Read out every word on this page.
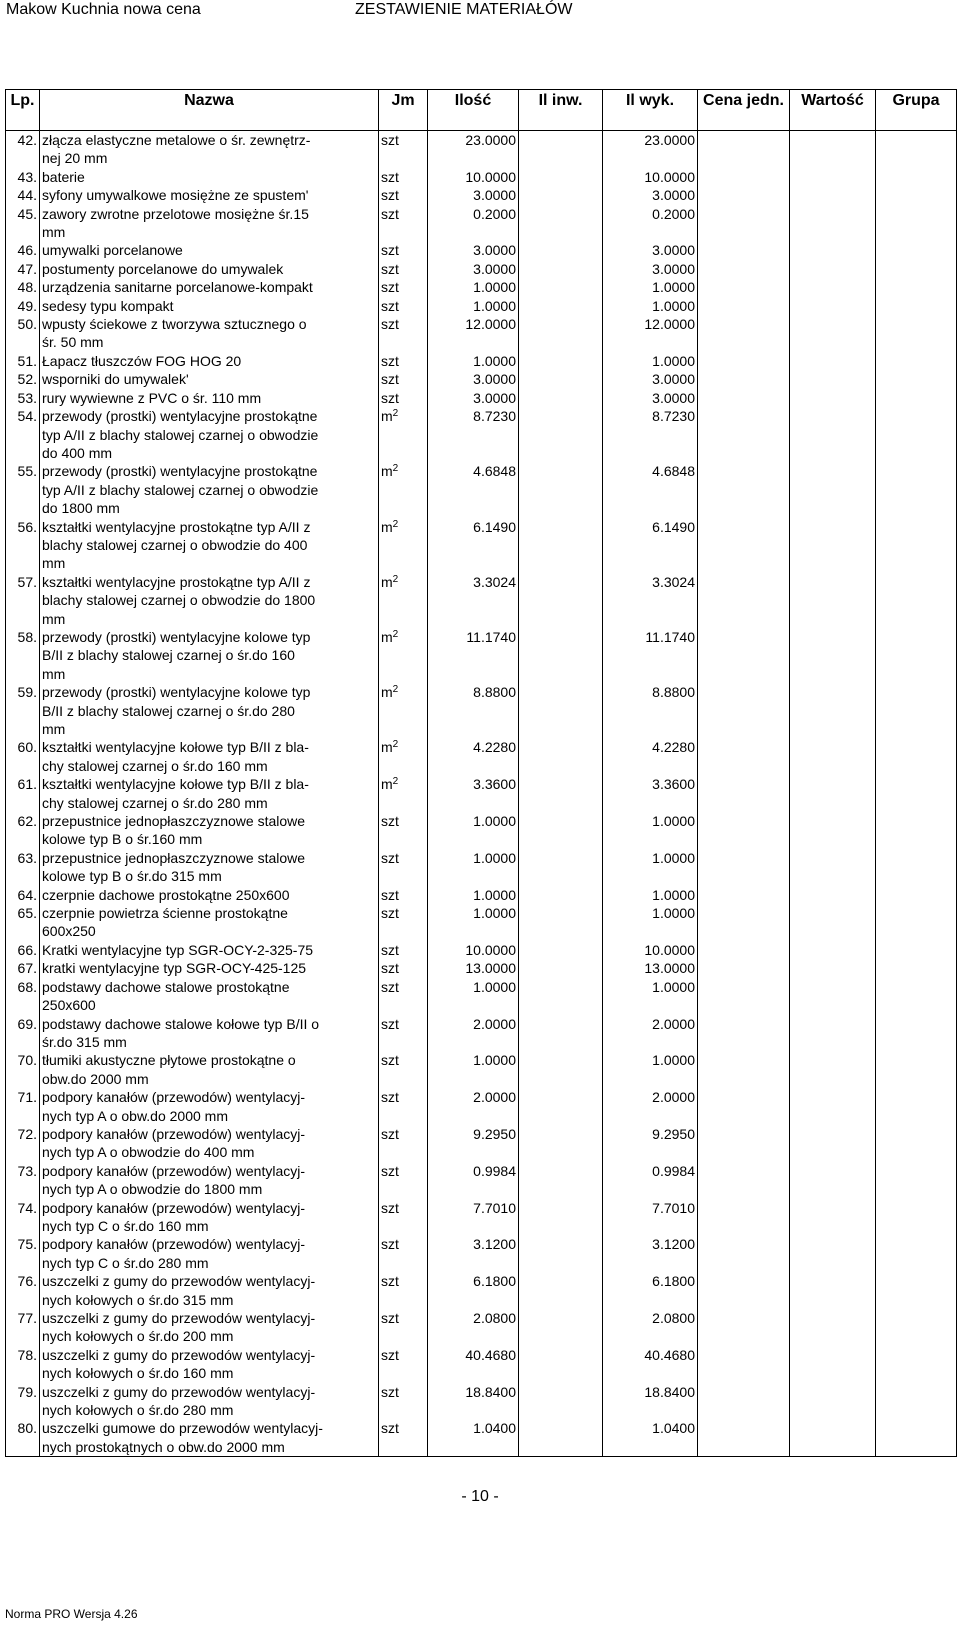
Makow Kuchnia nowa cena	ZESTAWIENIE MATERIAŁÓW
Lp.	Nazwa	Jm	Ilość	Il inw.	Il wyk.	Cena jedn.	Wartość	Grupa
42.	złącza elastyczne metalowe o śr. zewnętrz-
nej 20 mm	szt	23.0000		23.0000			
43.	baterie	szt	10.0000		10.0000			
44.	syfony umywalkowe mosiężne ze spustem'	szt	3.0000		3.0000			
45.	zawory zwrotne przelotowe mosiężne śr.15
mm	szt	0.2000		0.2000			
46.	umywalki porcelanowe	szt	3.0000		3.0000			
47.	postumenty porcelanowe do umywalek	szt	3.0000		3.0000			
48.	urządzenia sanitarne porcelanowe-kompakt	szt	1.0000		1.0000			
49.	sedesy typu kompakt	szt	1.0000		1.0000			
50.	wpusty ściekowe z tworzywa sztucznego o
śr. 50 mm	szt	12.0000		12.0000			
51.	Łapacz tłuszczów FOG HOG 20	szt	1.0000		1.0000			
52.	wsporniki do umywalek'	szt	3.0000		3.0000			
53.	rury wywiewne z PVC o śr. 110 mm	szt	3.0000		3.0000			
54.	przewody (prostki) wentylacyjne prostokątne
typ A/II z blachy stalowej czarnej o obwodzie
do 400 mm	$m^2$	8.7230		8.7230			
55.	przewody (prostki) wentylacyjne prostokątne
typ A/II z blachy stalowej czarnej o obwodzie
do 1800 mm	$m^2$	4.6848		4.6848			
56.	kształtki wentylacyjne prostokątne typ A/II z
blachy stalowej czarnej o obwodzie do 400
mm	$m^2$	6.1490		6.1490			
57.	kształtki wentylacyjne prostokątne typ A/II z
blachy stalowej czarnej o obwodzie do 1800
mm	$m^2$	3.3024		3.3024			
58.	przewody (prostki) wentylacyjne kolowe typ
B/II z blachy stalowej czarnej o śr.do 160
mm	$m^2$	11.1740		11.1740			
59.	przewody (prostki) wentylacyjne kolowe typ
B/II z blachy stalowej czarnej o śr.do 280
mm	$m^2$	8.8800		8.8800			
60.	kształtki wentylacyjne kołowe typ B/II z bla-
chy stalowej czarnej o śr.do 160 mm	$m^2$	4.2280		4.2280			
61.	kształtki wentylacyjne kołowe typ B/II z bla-
chy stalowej czarnej o śr.do 280 mm	$m^2$	3.3600		3.3600			
62.	przepustnice jednopłaszczyznowe stalowe
kolowe typ B o śr.160 mm	szt	1.0000		1.0000			
63.	przepustnice jednopłaszczyznowe stalowe
kolowe typ B o śr.do 315 mm	szt	1.0000		1.0000			
64.	czerpnie dachowe prostokątne 250x600	szt	1.0000		1.0000			
65.	czerpnie powietrza ścienne prostokątne
600x250	szt	1.0000		1.0000			
66.	Kratki wentylacyjne typ SGR-OCY-2-325-75	szt	10.0000		10.0000			
67.	kratki wentylacyjne typ SGR-OCY-425-125	szt	13.0000		13.0000			
68.	podstawy dachowe stalowe prostokątne
250x600	szt	1.0000		1.0000			
69.	podstawy dachowe stalowe kołowe typ B/II o
śr.do 315 mm	szt	2.0000		2.0000			
70.	tłumiki akustyczne płytowe prostokątne o
obw.do 2000 mm	szt	1.0000		1.0000			
71.	podpory kanałów (przewodów) wentylacyj-
nych typ A o obw.do 2000 mm	szt	2.0000		2.0000			
72.	podpory kanałów (przewodów) wentylacyj-
nych typ A o obwodzie do 400 mm	szt	9.2950		9.2950			
73.	podpory kanałów (przewodów) wentylacyj-
nych typ A o obwodzie do 1800 mm	szt	0.9984		0.9984			
74.	podpory kanałów (przewodów) wentylacyj-
nych typ C o śr.do 160 mm	szt	7.7010		7.7010			
75.	podpory kanałów (przewodów) wentylacyj-
nych typ C o śr.do 280 mm	szt	3.1200		3.1200			
76.	uszczelki z gumy do przewodów wentylacyj-
nych kołowych o śr.do 315 mm	szt	6.1800		6.1800			
77.	uszczelki z gumy do przewodów wentylacyj-
nych kołowych o śr.do 200 mm	szt	2.0800		2.0800			
78.	uszczelki z gumy do przewodów wentylacyj-
nych kołowych o śr.do 160 mm	szt	40.4680		40.4680			
79.	uszczelki z gumy do przewodów wentylacyj-
nych kołowych o śr.do 280 mm	szt	18.8400		18.8400			
80.	uszczelki gumowe do przewodów wentylacyj-
nych prostokątnych o obw.do 2000 mm	szt	1.0400		1.0400			
- 10 -
Norma PRO Wersja 4.26
